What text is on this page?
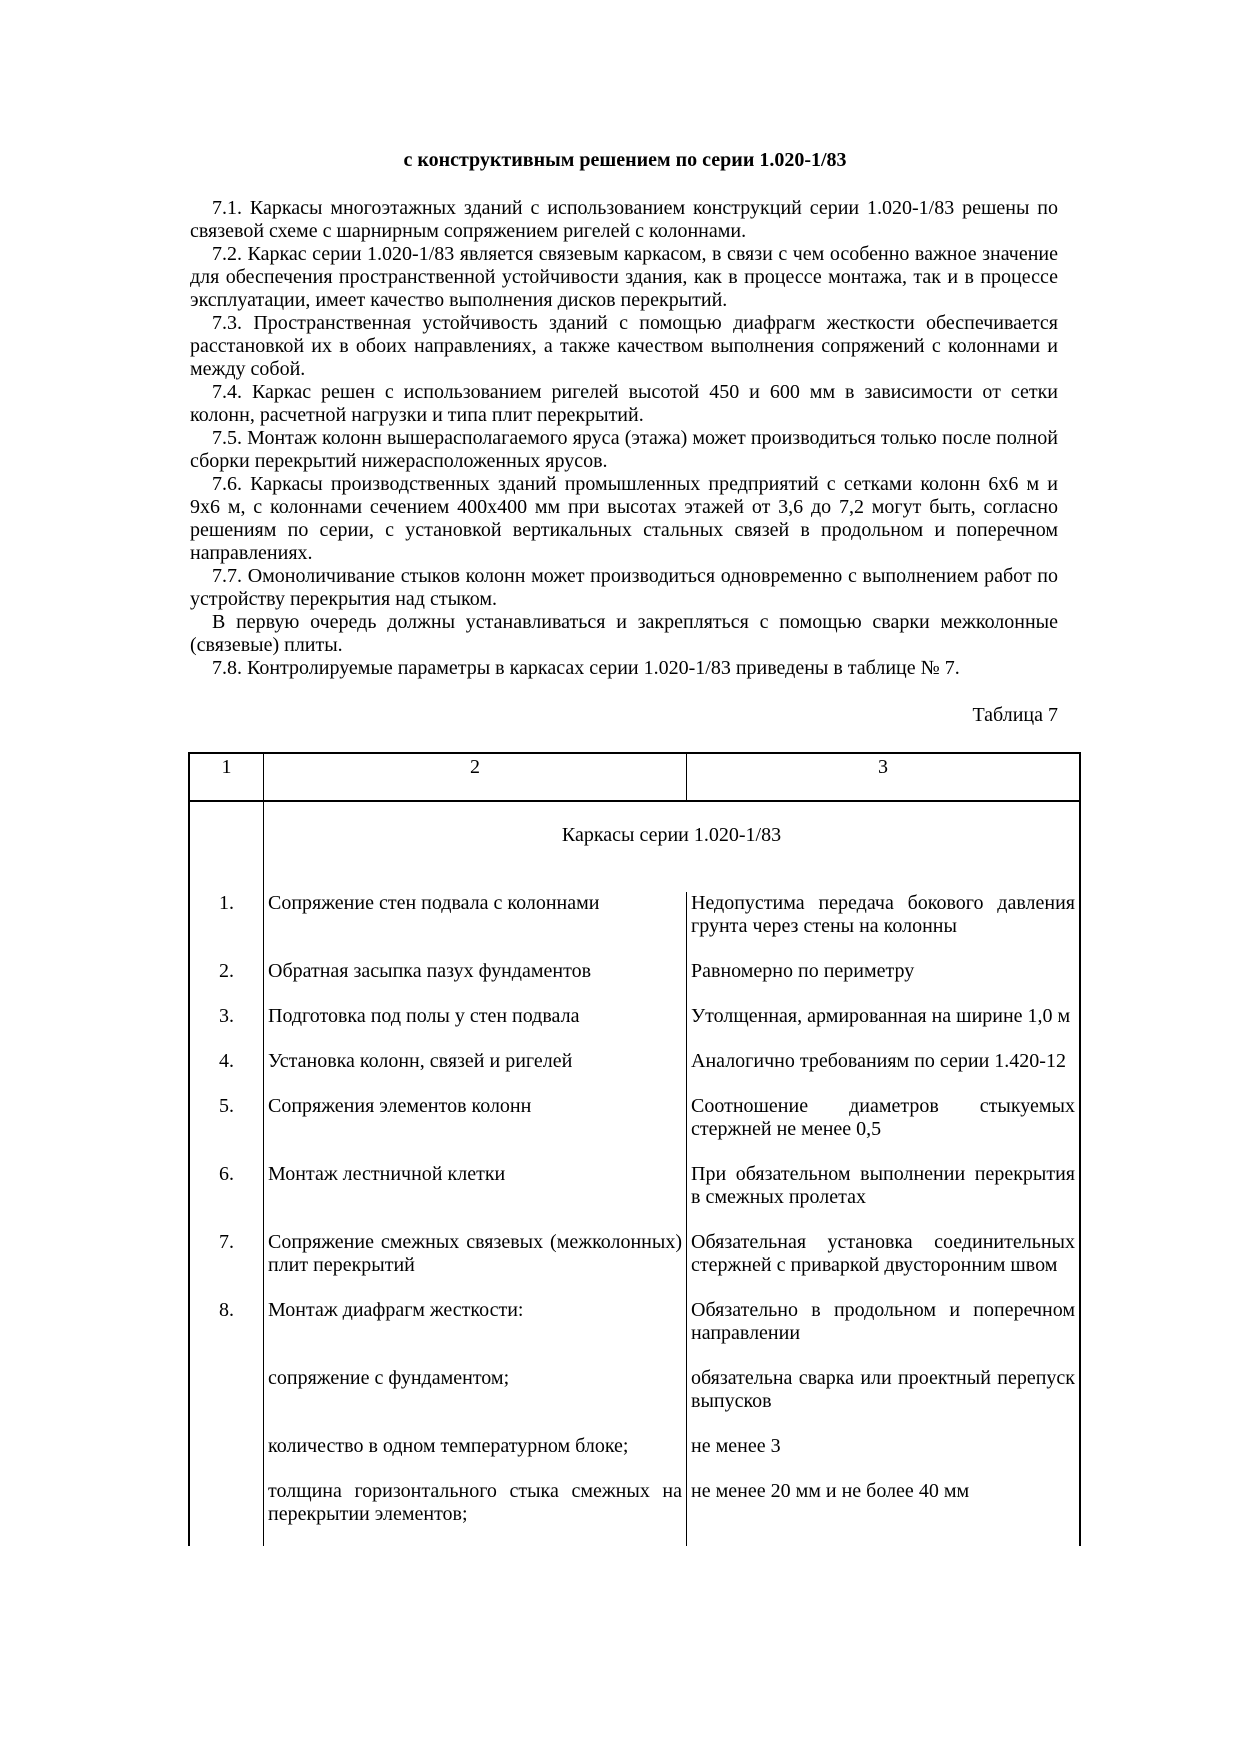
с конструктивным решением по серии 1.020-1/83

7.1. Каркасы многоэтажных зданий с использованием конструкций серии 1.020-1/83 решены по связевой схеме с шарнирным сопряжением ригелей с колоннами.

7.2. Каркас серии 1.020-1/83 является связевым каркасом, в связи с чем особенно важное значение для обеспечения пространственной устойчивости здания, как в процессе монтажа, так и в процессе эксплуатации, имеет качество выполнения дисков перекрытий.

7.3. Пространственная устойчивость зданий с помощью диафрагм жесткости обеспечивается расстановкой их в обоих направлениях, а также качеством выполнения сопряжений с колоннами и между собой.

7.4. Каркас решен с использованием ригелей высотой 450 и 600 мм в зависимости от сетки колонн, расчетной нагрузки и типа плит перекрытий.

7.5. Монтаж колонн вышерасполагаемого яруса (этажа) может производиться только после полной сборки перекрытий нижерасположенных ярусов.

7.6. Каркасы производственных зданий промышленных предприятий с сетками колонн 6х6 м и 9х6 м, с колоннами сечением 400х400 мм при высотах этажей от 3,6 до 7,2 могут быть, согласно решениям по серии, с установкой вертикальных стальных связей в продольном и поперечном направлениях.

7.7. Омоноличивание стыков колонн может производиться одновременно с выполнением работ по устройству перекрытия над стыком.

В первую очередь должны устанавливаться и закрепляться с помощью сварки межколонные (связевые) плиты.

7.8. Контролируемые параметры в каркасах серии 1.020-1/83 приведены в таблице № 7.

Таблица 7
1	2	3
	Каркасы серии 1.020-1/83	
1.	Сопряжение стен подвала с колоннами	Недопустима передача бокового давления грунта через стены на колонны
2.	Обратная засыпка пазух фундаментов	Равномерно по периметру
3.	Подготовка под полы у стен подвала	Утолщенная, армированная на ширине 1,0 м
4.	Установка колонн, связей и ригелей	Аналогично требованиям по серии 1.420-12
5.	Сопряжения элементов колонн	Соотношение диаметров стыкуемых стержней не менее 0,5
6.	Монтаж лестничной клетки	При обязательном выполнении перекрытия в смежных пролетах
7.	Сопряжение смежных связевых (межколонных) плит перекрытий	Обязательная установка соединительных стержней с приваркой двусторонним швом
8.	Монтаж диафрагм жесткости:	Обязательно в продольном и поперечном направлении
	сопряжение с фундаментом;	обязательна сварка или проектный перепуск выпусков
	количество в одном температурном блоке;	не менее 3
	толщина горизонтального стыка смежных на перекрытии элементов;	не менее 20 мм и не более 40 мм
